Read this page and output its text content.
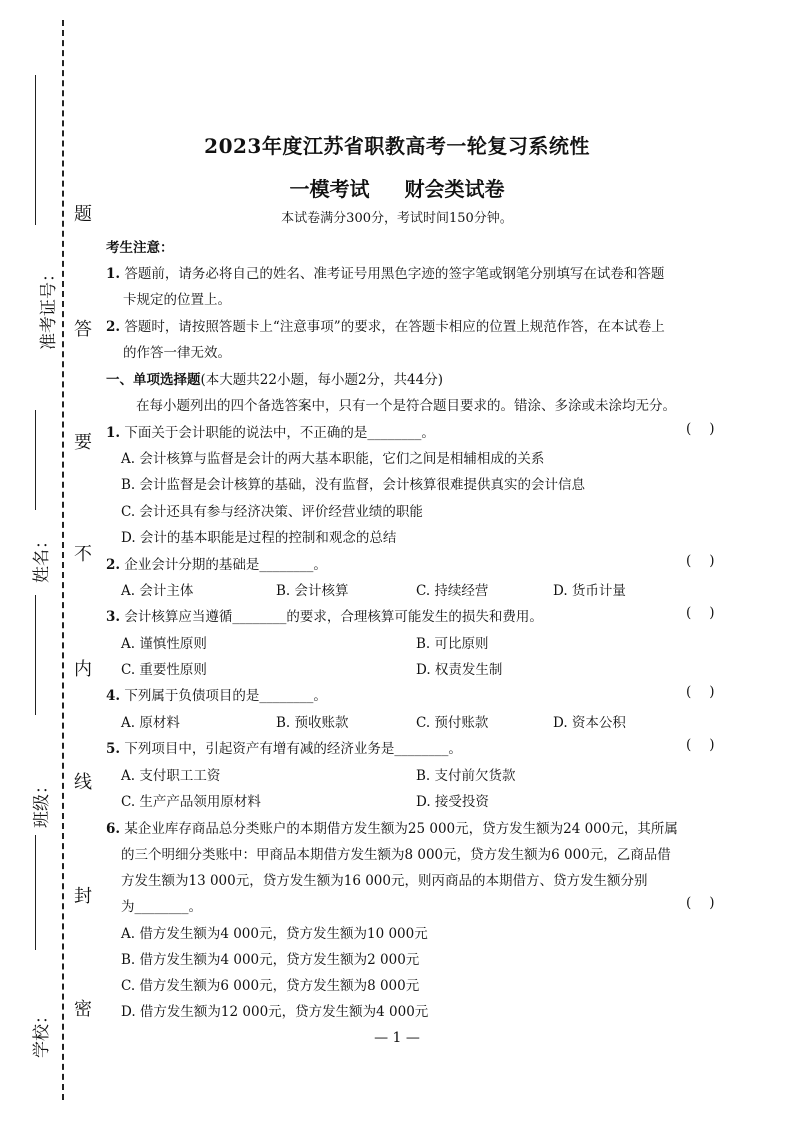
准考证号：
姓名：
班级：
学校：
题
答
要
不
内
线
封
密
2023年度江苏省职教高考一轮复习系统性
一模考试 财会类试卷
本试卷满分300分，考试时间150分钟。
考生注意：
1. 答题前，请务必将自己的姓名、准考证号用黑色字迹的签字笔或钢笔分别填写在试卷和答题
卡规定的位置上。
2. 答题时，请按照答题卡上“注意事项”的要求，在答题卡相应的位置上规范作答，在本试卷上
的作答一律无效。
一、单项选择题(本大题共22小题，每小题2分，共44分)
在每小题列出的四个备选答案中，只有一个是符合题目要求的。错涂、多涂或未涂均无分。
1. 下面关于会计职能的说法中，不正确的是________。	()
A. 会计核算与监督是会计的两大基本职能，它们之间是相辅相成的关系
B. 会计监督是会计核算的基础，没有监督，会计核算很难提供真实的会计信息
C. 会计还具有参与经济决策、评价经营业绩的职能
D. 会计的基本职能是过程的控制和观念的总结
2. 企业会计分期的基础是________。	()
A. 会计主体	B. 会计核算	C. 持续经营	D. 货币计量
3. 会计核算应当遵循________的要求，合理核算可能发生的损失和费用。	()
A. 谨慎性原则	B. 可比原则
C. 重要性原则	D. 权责发生制
4. 下列属于负债项目的是________。	()
A. 原材料	B. 预收账款	C. 预付账款	D. 资本公积
5. 下列项目中，引起资产有增有减的经济业务是________。	()
A. 支付职工工资	B. 支付前欠货款
C. 生产产品领用原材料	D. 接受投资
6. 某企业库存商品总分类账户的本期借方发生额为25 000元，贷方发生额为24 000元，其所属
的三个明细分类账中：甲商品本期借方发生额为8 000元，贷方发生额为6 000元，乙商品借
方发生额为13 000元，贷方发生额为16 000元，则丙商品的本期借方、贷方发生额分别
为________。	()
A. 借方发生额为4 000元，贷方发生额为10 000元
B. 借方发生额为4 000元，贷方发生额为2 000元
C. 借方发生额为6 000元，贷方发生额为8 000元
D. 借方发生额为12 000元，贷方发生额为4 000元
— 1 —
